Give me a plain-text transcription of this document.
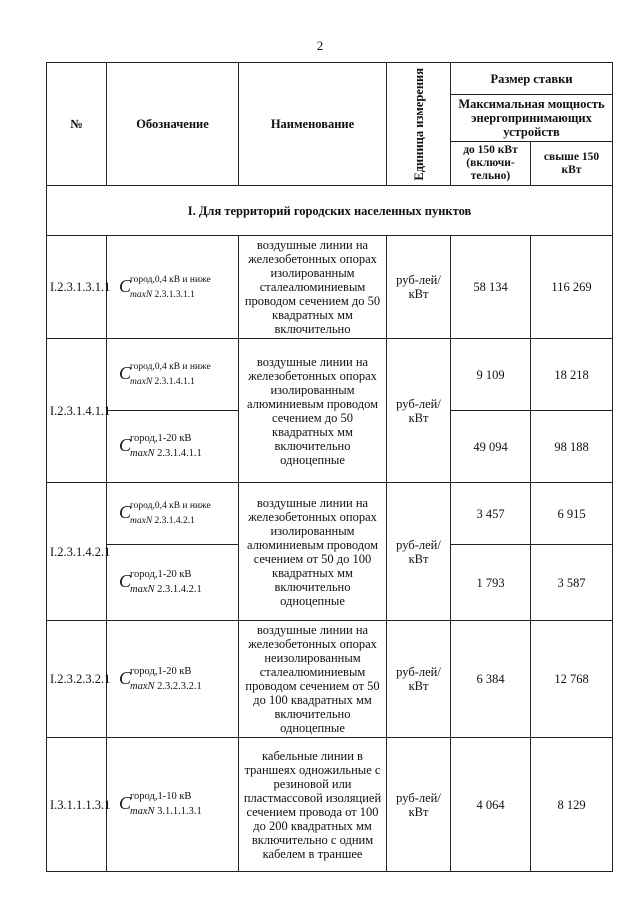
2
№	Обозначение	Наименование	Единица измерения	Размер ставки	
				Максимальная мощность энергопринимающих устройств	
				до 150 кВт (включи-тельно)	свыше 150 кВт
I. Для территорий городских населенных пунктов					
I.2.3.1.3.1.1	C
город,0,4 кВ и ниже
maxN 2.3.1.3.1.1	воздушные линии на железобетонных опорах изолированным сталеалюминиевым проводом сечением до 50 квадратных мм включительно	руб-лей/кВт	58 134	116 269
I.2.3.1.4.1.1	C
город,0,4 кВ и ниже
maxN 2.3.1.4.1.1	воздушные линии на железобетонных опорах изолированным алюминиевым проводом сечением до 50 квадратных мм включительно одноцепные	руб-лей/кВт	9 109	18 218

	C
город,1-20 кВ
maxN 2.3.1.4.1.1			49 094	98 188
I.2.3.1.4.2.1	C
город,0,4 кВ и ниже
maxN 2.3.1.4.2.1	воздушные линии на железобетонных опорах изолированным алюминиевым проводом сечением от 50 до 100 квадратных мм включительно одноцепные	руб-лей/кВт	3 457	6 915

	C
город,1-20 кВ
maxN 2.3.1.4.2.1			1 793	3 587
I.2.3.2.3.2.1	C
город,1-20 кВ
maxN 2.3.2.3.2.1	воздушные линии на железобетонных опорах неизолированным сталеалюминиевым проводом сечением от 50 до 100 квадратных мм включительно одноцепные	руб-лей/кВт	6 384	12 768
I.3.1.1.1.3.1	C
город,1-10 кВ
maxN 3.1.1.1.3.1	кабельные линии в траншеях одножильные с резиновой или пластмассовой изоляцией сечением провода от 100 до 200 квадратных мм включительно с одним кабелем в траншее	руб-лей/кВт	4 064	8 129
